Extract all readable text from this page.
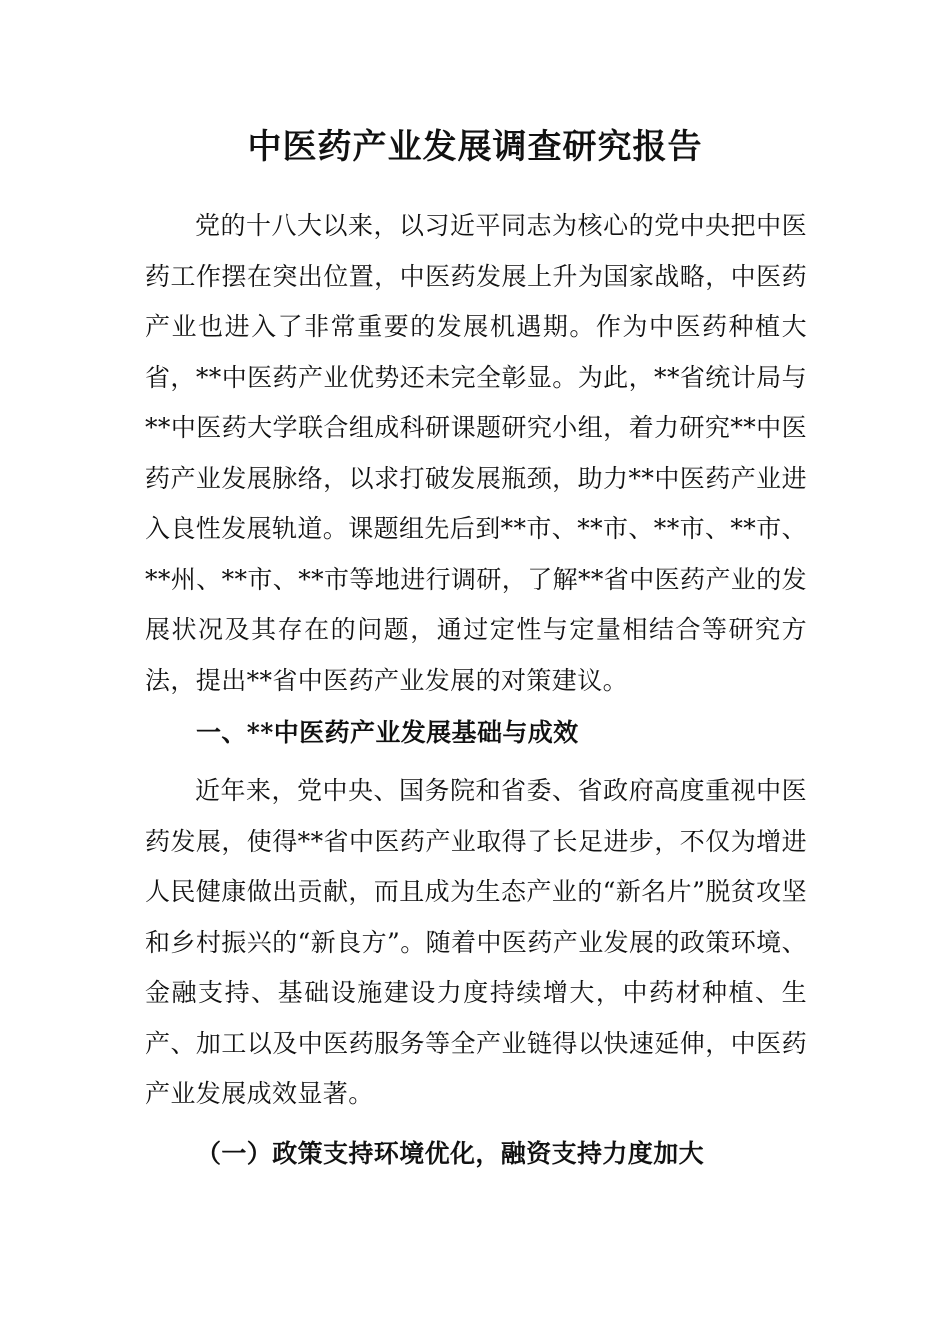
中医药产业发展调查研究报告

党的十八大以来，以习近平同志为核心的党中央把中医药工作摆在突出位置，中医药发展上升为国家战略，中医药产业也进入了非常重要的发展机遇期。作为中医药种植大省，**中医药产业优势还未完全彰显。为此，**省统计局与**中医药大学联合组成科研课题研究小组，着力研究**中医药产业发展脉络，以求打破发展瓶颈，助力**中医药产业进入良性发展轨道。课题组先后到**市、**市、**市、**市、**州、**市、**市等地进行调研，了解**省中医药产业的发展状况及其存在的问题，通过定性与定量相结合等研究方法，提出**省中医药产业发展的对策建议。

一、**中医药产业发展基础与成效

近年来，党中央、国务院和省委、省政府高度重视中医药发展，使得**省中医药产业取得了长足进步，不仅为增进人民健康做出贡献，而且成为生态产业的“新名片”脱贫攻坚和乡村振兴的“新良方”。随着中医药产业发展的政策环境、金融支持、基础设施建设力度持续增大，中药材种植、生产、加工以及中医药服务等全产业链得以快速延伸，中医药产业发展成效显著。

（一）政策支持环境优化，融资支持力度加大
